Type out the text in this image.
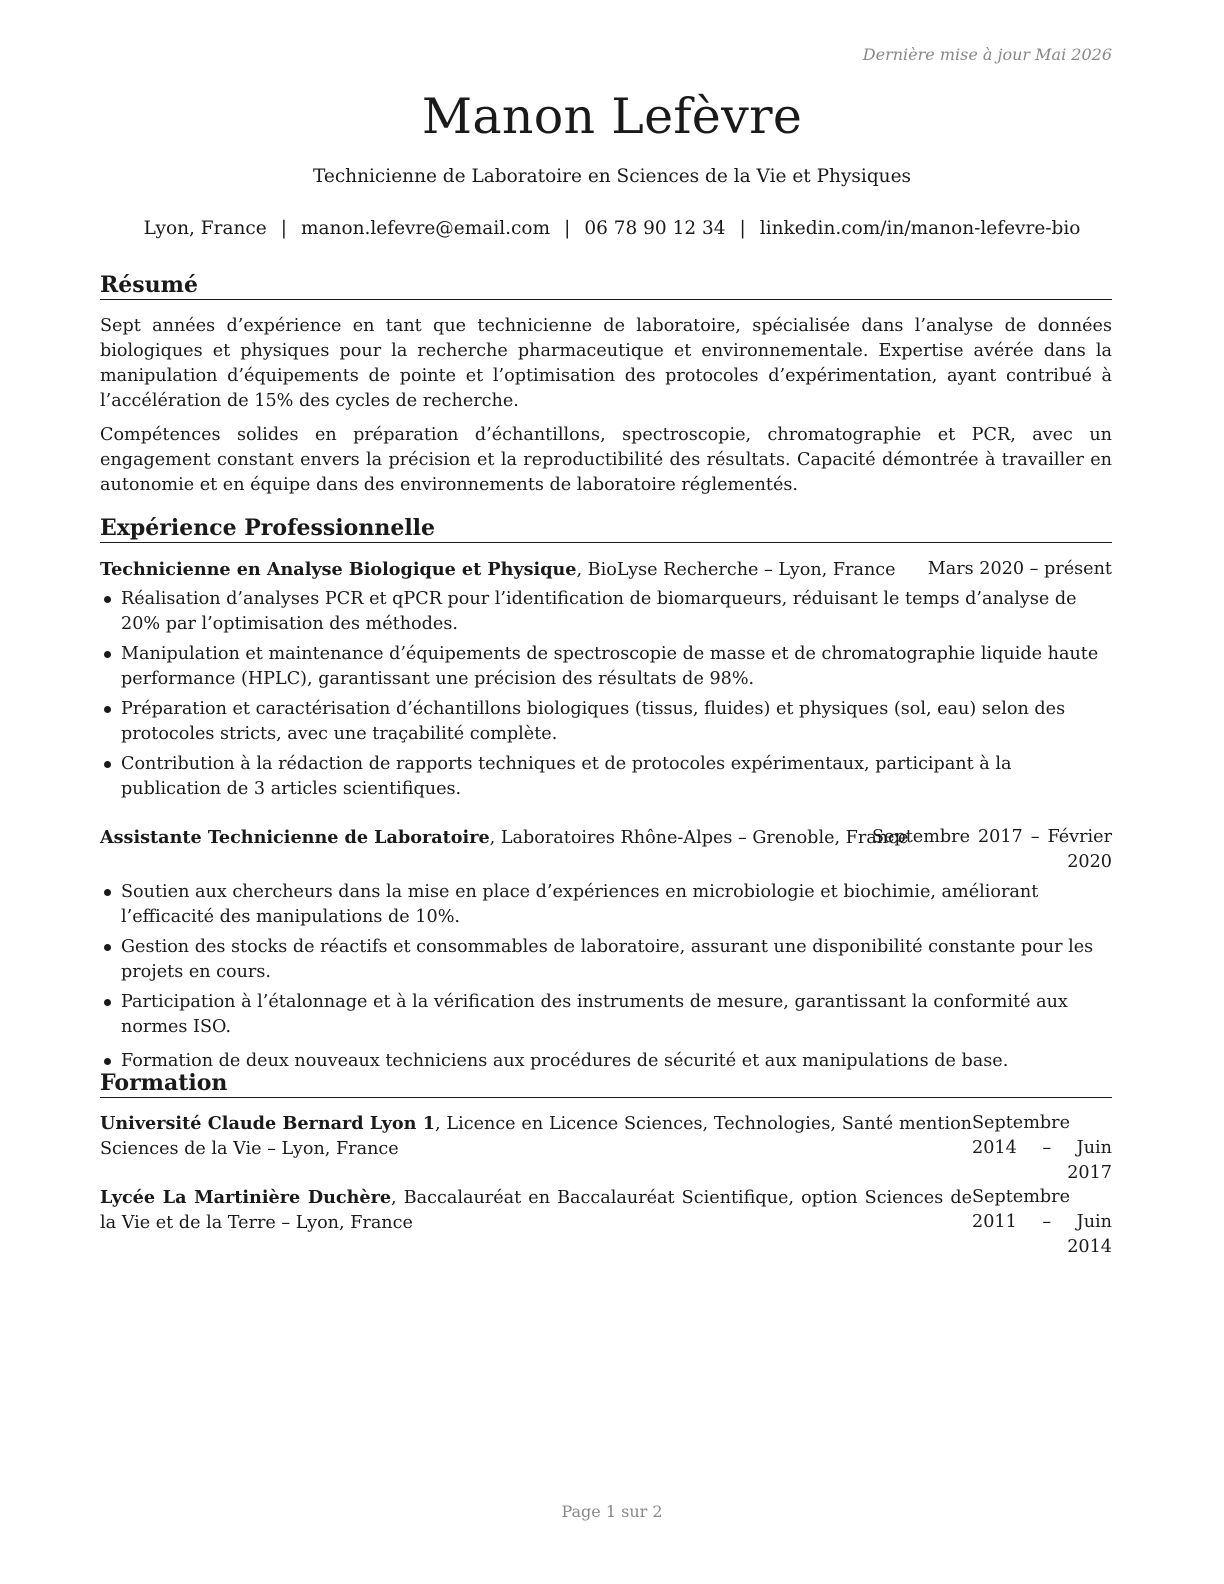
Dernière mise à jour Mai 2026
Manon Lefèvre
Technicienne de Laboratoire en Sciences de la Vie et Physiques
Lyon, France | manon.lefevre@email.com | 06 78 90 12 34 | linkedin.com/in/manon-lefevre-bio
Résumé
Sept années d’expérience en tant que technicienne de laboratoire, spécialisée dans l’analyse de données biologiques et physiques pour la recherche pharmaceutique et environnementale. Expertise avérée dans la manipulation d’équipements de pointe et l’optimisation des protocoles d’expérimentation, ayant contribué à l’accélération de 15% des cycles de recherche.
Compétences solides en préparation d’échantillons, spectroscopie, chromatographie et PCR, avec un engagement constant envers la précision et la reproductibilité des résultats. Capacité démontrée à travailler en autonomie et en équipe dans des environnements de laboratoire réglementés.
Expérience Professionnelle
Technicienne en Analyse Biologique et Physique, BioLyse Recherche – Lyon, France Mars 2020 – présent
Réalisation d’analyses PCR et qPCR pour l’identification de biomarqueurs, réduisant le temps d’analyse de 20% par l’optimisation des méthodes.
Manipulation et maintenance d’équipements de spectroscopie de masse et de chromatographie liquide haute performance (HPLC), garantissant une précision des résultats de 98%.
Préparation et caractérisation d’échantillons biologiques (tissus, fluides) et physiques (sol, eau) selon des protocoles stricts, avec une traçabilité complète.
Contribution à la rédaction de rapports techniques et de protocoles expérimentaux, participant à la publication de 3 articles scientifiques.
Assistante Technicienne de Laboratoire, Laboratoires Rhône-Alpes – Grenoble, France
Septembre 2017 – Février
2020
Soutien aux chercheurs dans la mise en place d’expériences en microbiologie et biochimie, améliorant l’efficacité des manipulations de 10%.
Gestion des stocks de réactifs et consommables de laboratoire, assurant une disponibilité constante pour les projets en cours.
Participation à l’étalonnage et à la vérification des instruments de mesure, garantissant la conformité aux normes ISO.
Formation de deux nouveaux techniciens aux procédures de sécurité et aux manipulations de base.
Formation
Université Claude Bernard Lyon 1, Licence en Licence Sciences, Technologies, Santé mention Sciences de la Vie – Lyon, France
Septembre 2014 – Juin
2017
Lycée La Martinière Duchère, Baccalauréat en Baccalauréat Scientifique, option Sciences de la Vie et de la Terre – Lyon, France
Septembre 2011 – Juin
2014
Page 1 sur 2
